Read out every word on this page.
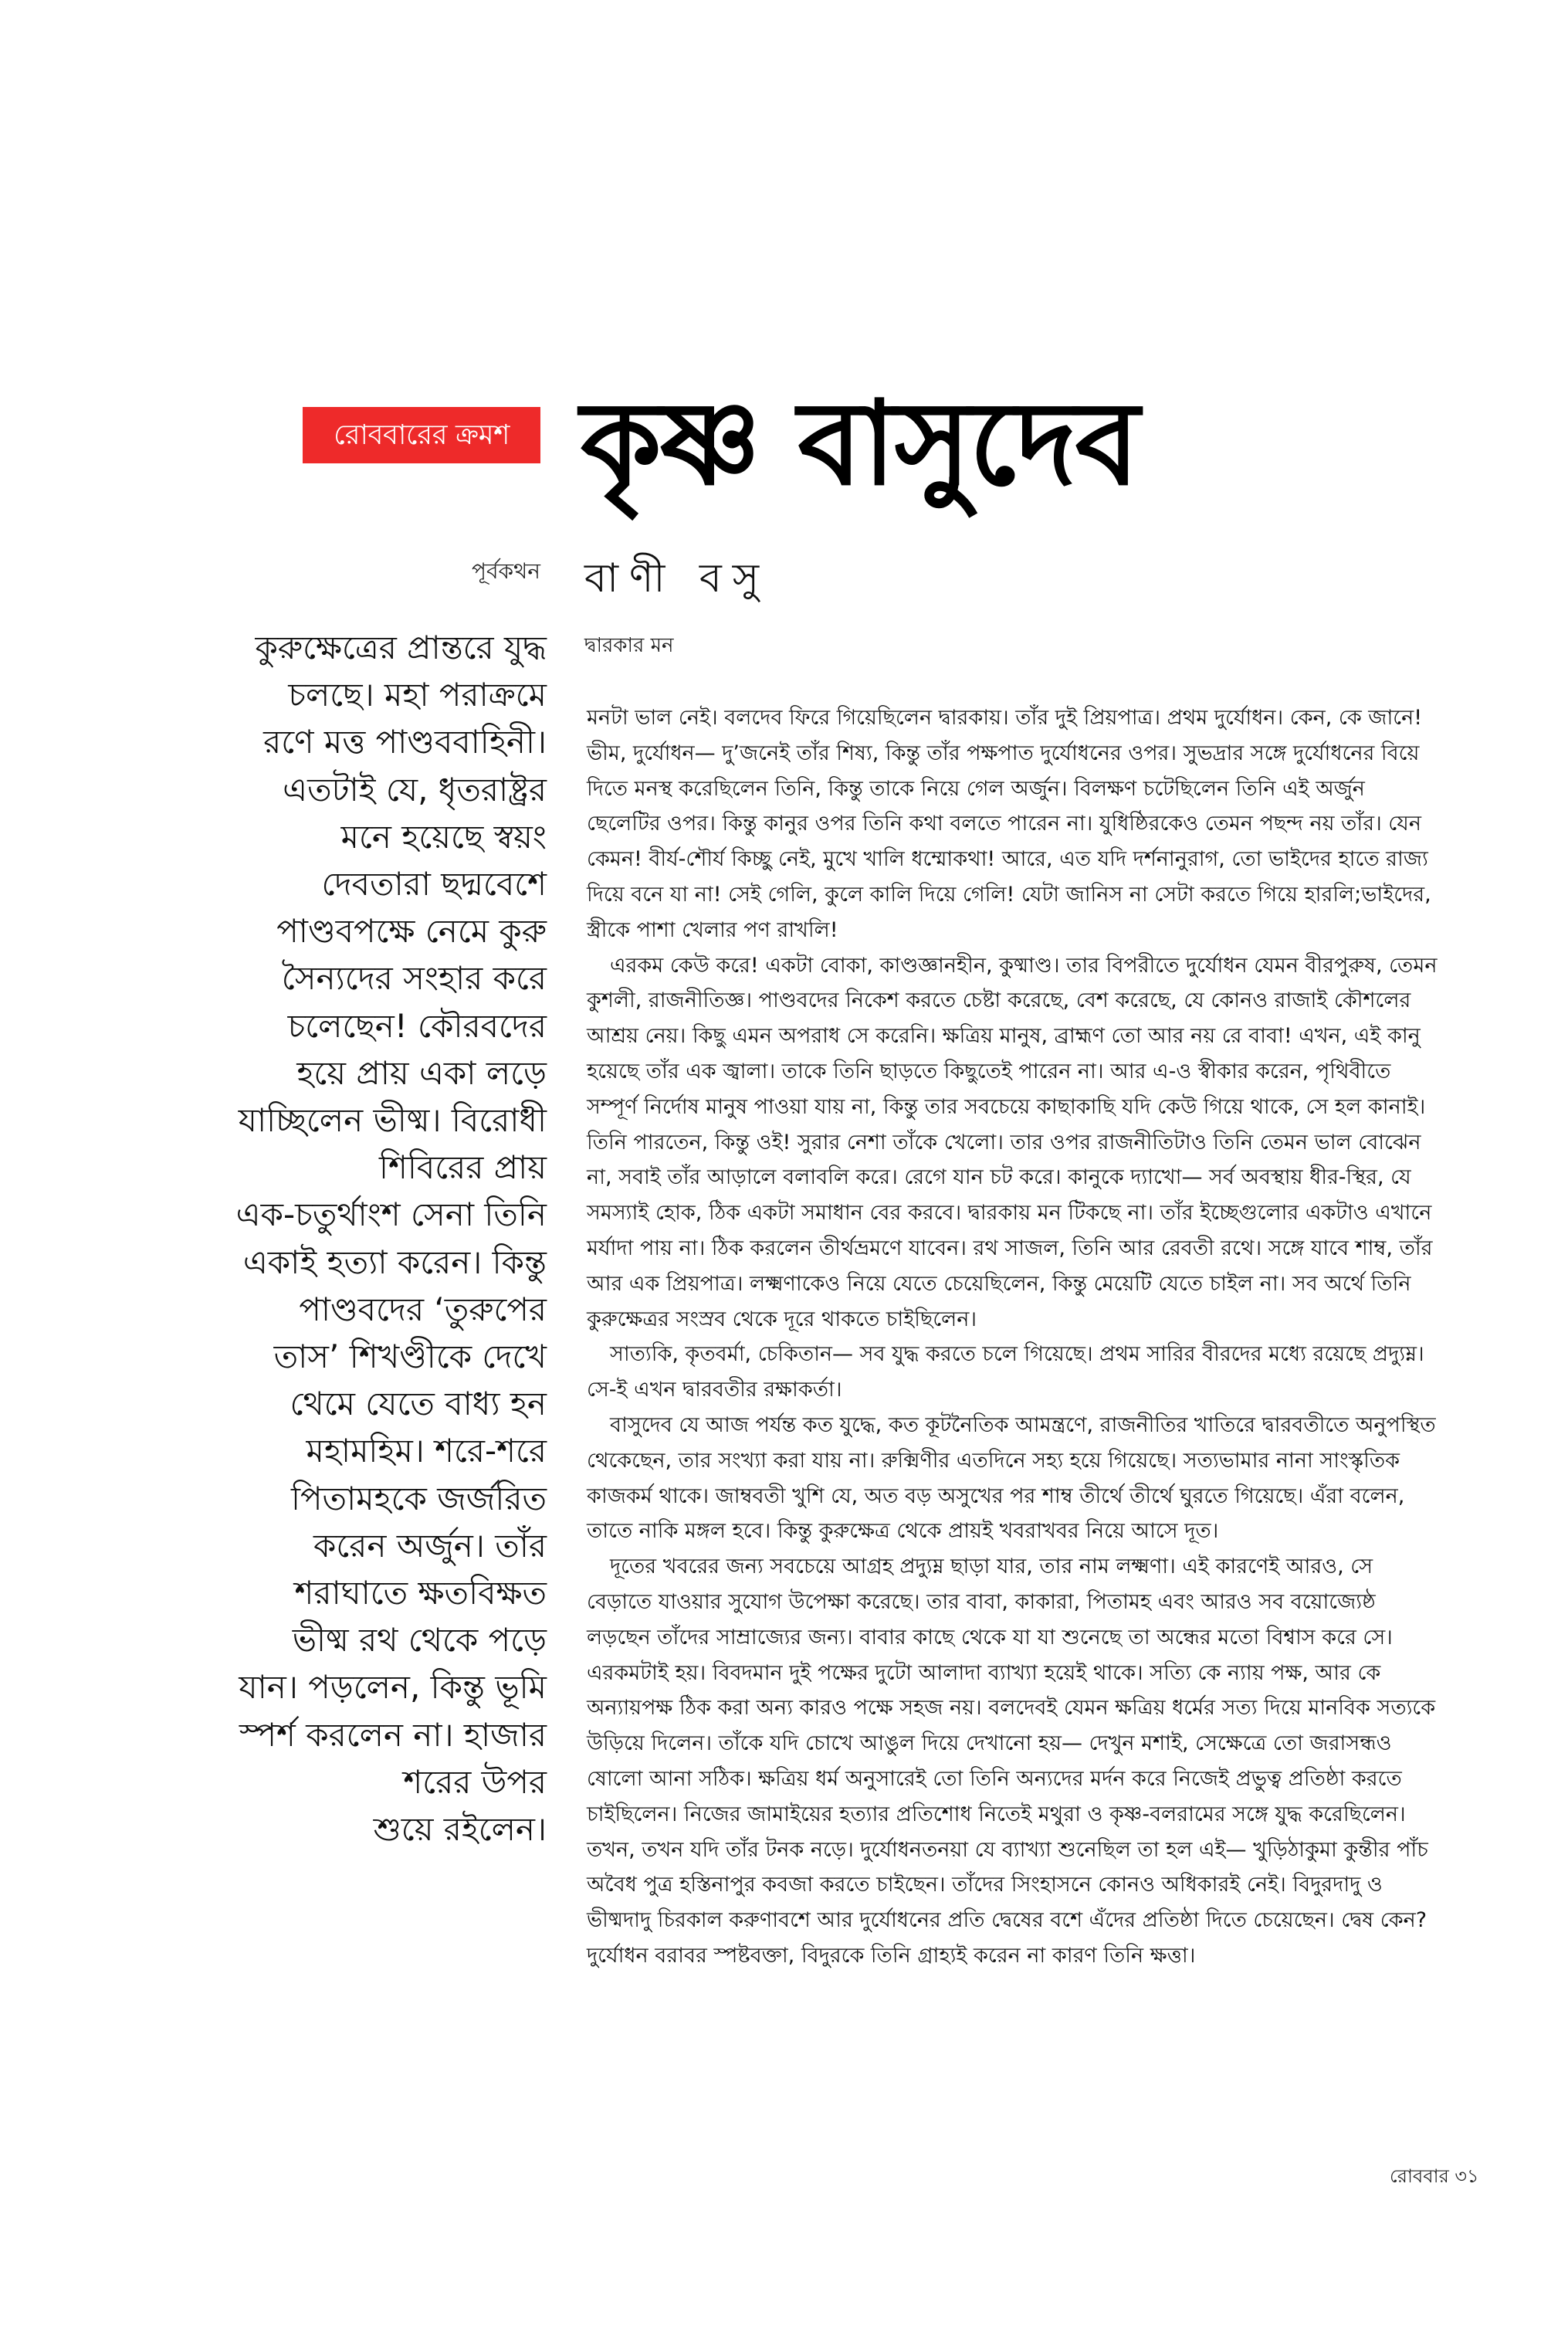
রোববারের ক্রমশ কৃষ্ণ বাসুদেব
পূর্বকথন বাণী বসু
দ্বারকার মন
কুরুক্ষেত্রের প্রান্তরে যুদ্ধ
চলছে। মহা পরাক্রমে
রণে মত্ত পাণ্ডববাহিনী।
এতটাই যে, ধৃতরাষ্ট্রর
মনে হয়েছে স্বয়ং
দেবতারা ছদ্মবেশে
পাণ্ডবপক্ষে নেমে কুরু
সৈন্যদের সংহার করে
চলেছেন! কৌরবদের
হয়ে প্রায় একা লড়ে
যাচ্ছিলেন ভীষ্ম। বিরোধী
শিবিরের প্রায়
এক-চতুর্থাংশ সেনা তিনি
একাই হত্যা করেন। কিন্তু
পাণ্ডবদের ‘তুরুপের
তাস’ শিখণ্ডীকে দেখে
থেমে যেতে বাধ্য হন
মহামহিম। শরে-শরে
পিতামহকে জর্জরিত
করেন অর্জুন। তাঁর
শরাঘাতে ক্ষতবিক্ষত
ভীষ্ম রথ থেকে পড়ে
যান। পড়লেন, কিন্তু ভূমি
স্পর্শ করলেন না। হাজার
শরের উপর
শুয়ে রইলেন।

মনটা ভাল নেই। বলদেব ফিরে গিয়েছিলেন দ্বারকায়। তাঁর দুই প্রিয়পাত্র। প্রথম দুর্যোধন। কেন, কে জানে! ভীম, দুর্যোধন— দু’জনেই তাঁর শিষ্য, কিন্তু তাঁর পক্ষপাত দুর্যোধনের ওপর। সুভদ্রার সঙ্গে দুর্যোধনের বিয়ে দিতে মনস্থ করেছিলেন তিনি, কিন্তু তাকে নিয়ে গেল অর্জুন। বিলক্ষণ চটেছিলেন তিনি এই অর্জুন ছেলেটির ওপর। কিন্তু কানুর ওপর তিনি কথা বলতে পারেন না। যুধিষ্ঠিরকেও তেমন পছন্দ নয় তাঁর। যেন কেমন! বীর্য-শৌর্য কিচ্ছু নেই, মুখে খালি ধম্মোকথা! আরে, এত যদি দর্শনানুরাগ, তো ভাইদের হাতে রাজ্য দিয়ে বনে যা না! সেই গেলি, কুলে কালি দিয়ে গেলি! যেটা জানিস না সেটা করতে গিয়ে হারলি;ভাইদের, স্ত্রীকে পাশা খেলার পণ রাখলি!

এরকম কেউ করে! একটা বোকা, কাণ্ডজ্ঞানহীন, কুষ্মাণ্ড। তার বিপরীতে দুর্যোধন যেমন বীরপুরুষ, তেমন কুশলী, রাজনীতিজ্ঞ। পাণ্ডবদের নিকেশ করতে চেষ্টা করেছে, বেশ করেছে, যে কোনও রাজাই কৌশলের আশ্রয় নেয়। কিছু এমন অপরাধ সে করেনি। ক্ষত্রিয় মানুষ, ব্রাহ্মণ তো আর নয় রে বাবা! এখন, এই কানু হয়েছে তাঁর এক জ্বালা। তাকে তিনি ছাড়তে কিছুতেই পারেন না। আর এ-ও স্বীকার করেন, পৃথিবীতে সম্পূর্ণ নির্দোষ মানুষ পাওয়া যায় না, কিন্তু তার সবচেয়ে কাছাকাছি যদি কেউ গিয়ে থাকে, সে হল কানাই। তিনি পারতেন, কিন্তু ওই! সুরার নেশা তাঁকে খেলো। তার ওপর রাজনীতিটাও তিনি তেমন ভাল বোঝেন না, সবাই তাঁর আড়ালে বলাবলি করে। রেগে যান চট করে। কানুকে দ্যাখো— সর্ব অবস্থায় ধীর-স্থির, যে সমস্যাই হোক, ঠিক একটা সমাধান বের করবে। দ্বারকায় মন টিকছে না। তাঁর ইচ্ছেগুলোর একটাও এখানে মর্যাদা পায় না। ঠিক করলেন তীর্থভ্রমণে যাবেন। রথ সাজল, তিনি আর রেবতী রথে। সঙ্গে যাবে শাম্ব, তাঁর আর এক প্রিয়পাত্র। লক্ষ্মণাকেও নিয়ে যেতে চেয়েছিলেন, কিন্তু মেয়েটি যেতে চাইল না। সব অর্থে তিনি কুরুক্ষেত্রর সংস্রব থেকে দূরে থাকতে চাইছিলেন।

সাত্যকি, কৃতবর্মা, চেকিতান— সব যুদ্ধ করতে চলে গিয়েছে। প্রথম সারির বীরদের মধ্যে রয়েছে প্রদ্যুম্ন। সে-ই এখন দ্বারবতীর রক্ষাকর্তা।

বাসুদেব যে আজ পর্যন্ত কত যুদ্ধে, কত কূটনৈতিক আমন্ত্রণে, রাজনীতির খাতিরে দ্বারবতীতে অনুপস্থিত থেকেছেন, তার সংখ্যা করা যায় না। রুক্মিণীর এতদিনে সহ্য হয়ে গিয়েছে। সত্যভামার নানা সাংস্কৃতিক কাজকর্ম থাকে। জাম্ববতী খুশি যে, অত বড় অসুখের পর শাম্ব তীর্থে তীর্থে ঘুরতে গিয়েছে। এঁরা বলেন, তাতে নাকি মঙ্গল হবে। কিন্তু কুরুক্ষেত্র থেকে প্রায়ই খবরাখবর নিয়ে আসে দূত।

দূতের খবরের জন্য সবচেয়ে আগ্রহ প্রদ্যুম্ন ছাড়া যার, তার নাম লক্ষ্মণা। এই কারণেই আরও, সে বেড়াতে যাওয়ার সুযোগ উপেক্ষা করেছে। তার বাবা, কাকারা, পিতামহ এবং আরও সব বয়োজ্যেষ্ঠ লড়ছেন তাঁদের সাম্রাজ্যের জন্য। বাবার কাছে থেকে যা যা শুনেছে তা অন্ধের মতো বিশ্বাস করে সে। এরকমটাই হয়। বিবদমান দুই পক্ষের দুটো আলাদা ব্যাখ্যা হয়েই থাকে। সত্যি কে ন্যায় পক্ষ, আর কে অন্যায়পক্ষ ঠিক করা অন্য কারও পক্ষে সহজ নয়। বলদেবই যেমন ক্ষত্রিয় ধর্মের সত্য দিয়ে মানবিক সত্যকে উড়িয়ে দিলেন। তাঁকে যদি চোখে আঙুল দিয়ে দেখানো হয়— দেখুন মশাই, সেক্ষেত্রে তো জরাসন্ধও ষোলো আনা সঠিক। ক্ষত্রিয় ধর্ম অনুসারেই তো তিনি অন্যদের মর্দন করে নিজেই প্রভুত্ব প্রতিষ্ঠা করতে চাইছিলেন। নিজের জামাইয়ের হত্যার প্রতিশোধ নিতেই মথুরা ও কৃষ্ণ-বলরামের সঙ্গে যুদ্ধ করেছিলেন। তখন, তখন যদি তাঁর টনক নড়ে। দুর্যোধনতনয়া যে ব্যাখ্যা শুনেছিল তা হল এই— খুড়িঠাকুমা কুন্তীর পাঁচ অবৈধ পুত্র হস্তিনাপুর কবজা করতে চাইছেন। তাঁদের সিংহাসনে কোনও অধিকারই নেই। বিদুরদাদু ও ভীষ্মদাদু চিরকাল করুণাবশে আর দুর্যোধনের প্রতি দ্বেষের বশে এঁদের প্রতিষ্ঠা দিতে চেয়েছেন। দ্বেষ কেন? দুর্যোধন বরাবর স্পষ্টবক্তা, বিদুরকে তিনি গ্রাহ্যই করেন না কারণ তিনি ক্ষত্তা।

রোববার ৩১
